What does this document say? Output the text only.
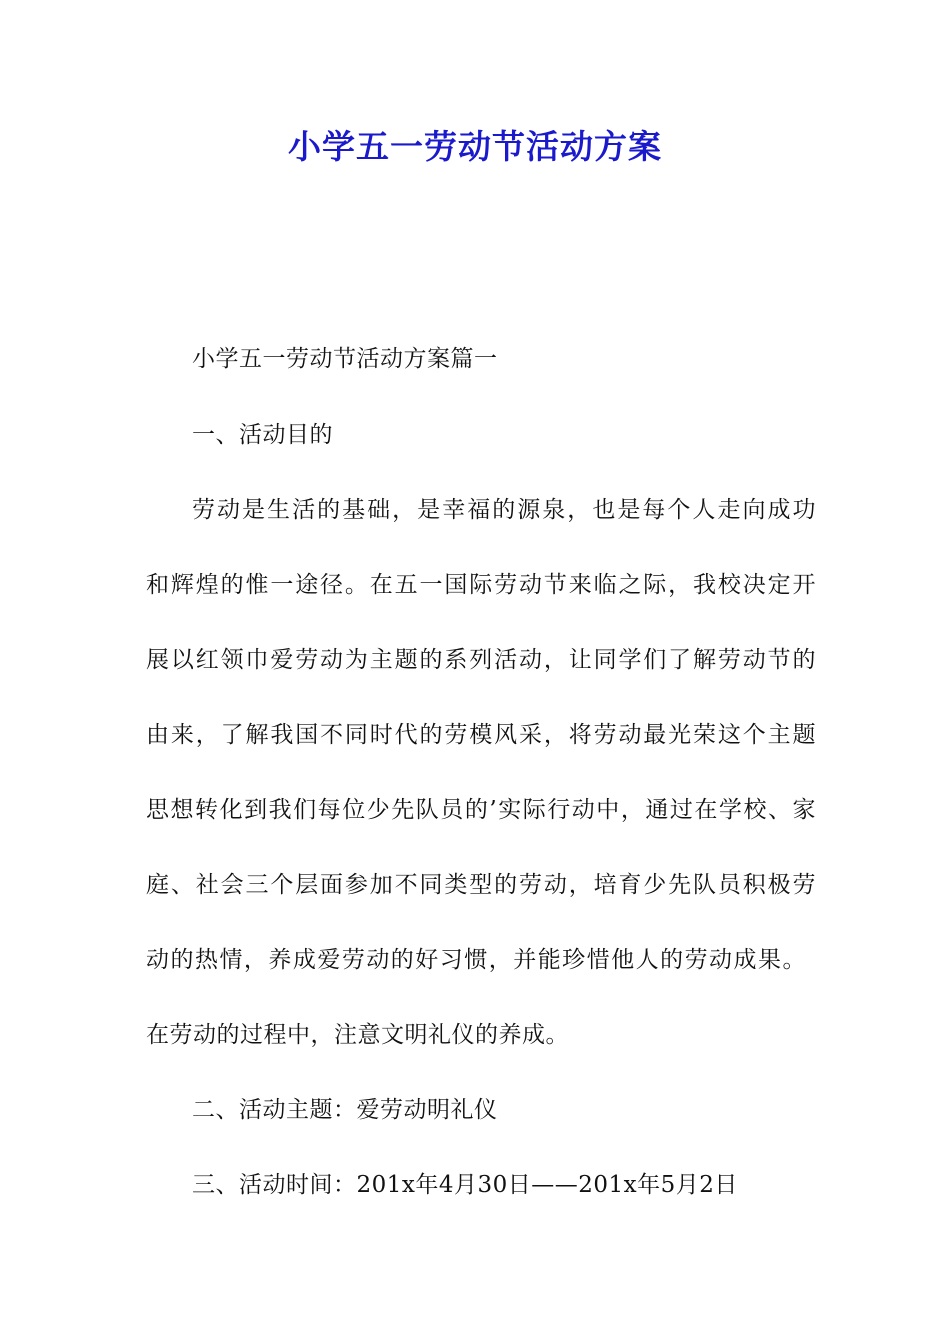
小学五一劳动节活动方案
小学五一劳动节活动方案篇一
一、活动目的
劳动是生活的基础，是幸福的源泉，也是每个人走向成功
和辉煌的惟一途径。在五一国际劳动节来临之际，我校决定开
展以红领巾爱劳动为主题的系列活动，让同学们了解劳动节的
由来，了解我国不同时代的劳模风采，将劳动最光荣这个主题
思想转化到我们每位少先队员的’实际行动中，通过在学校、家
庭、社会三个层面参加不同类型的劳动，培育少先队员积极劳
动的热情，养成爱劳动的好习惯，并能珍惜他人的劳动成果。
在劳动的过程中，注意文明礼仪的养成。
二、活动主题：爱劳动明礼仪
三、活动时间：201x年4月30日——201x年5月2日
